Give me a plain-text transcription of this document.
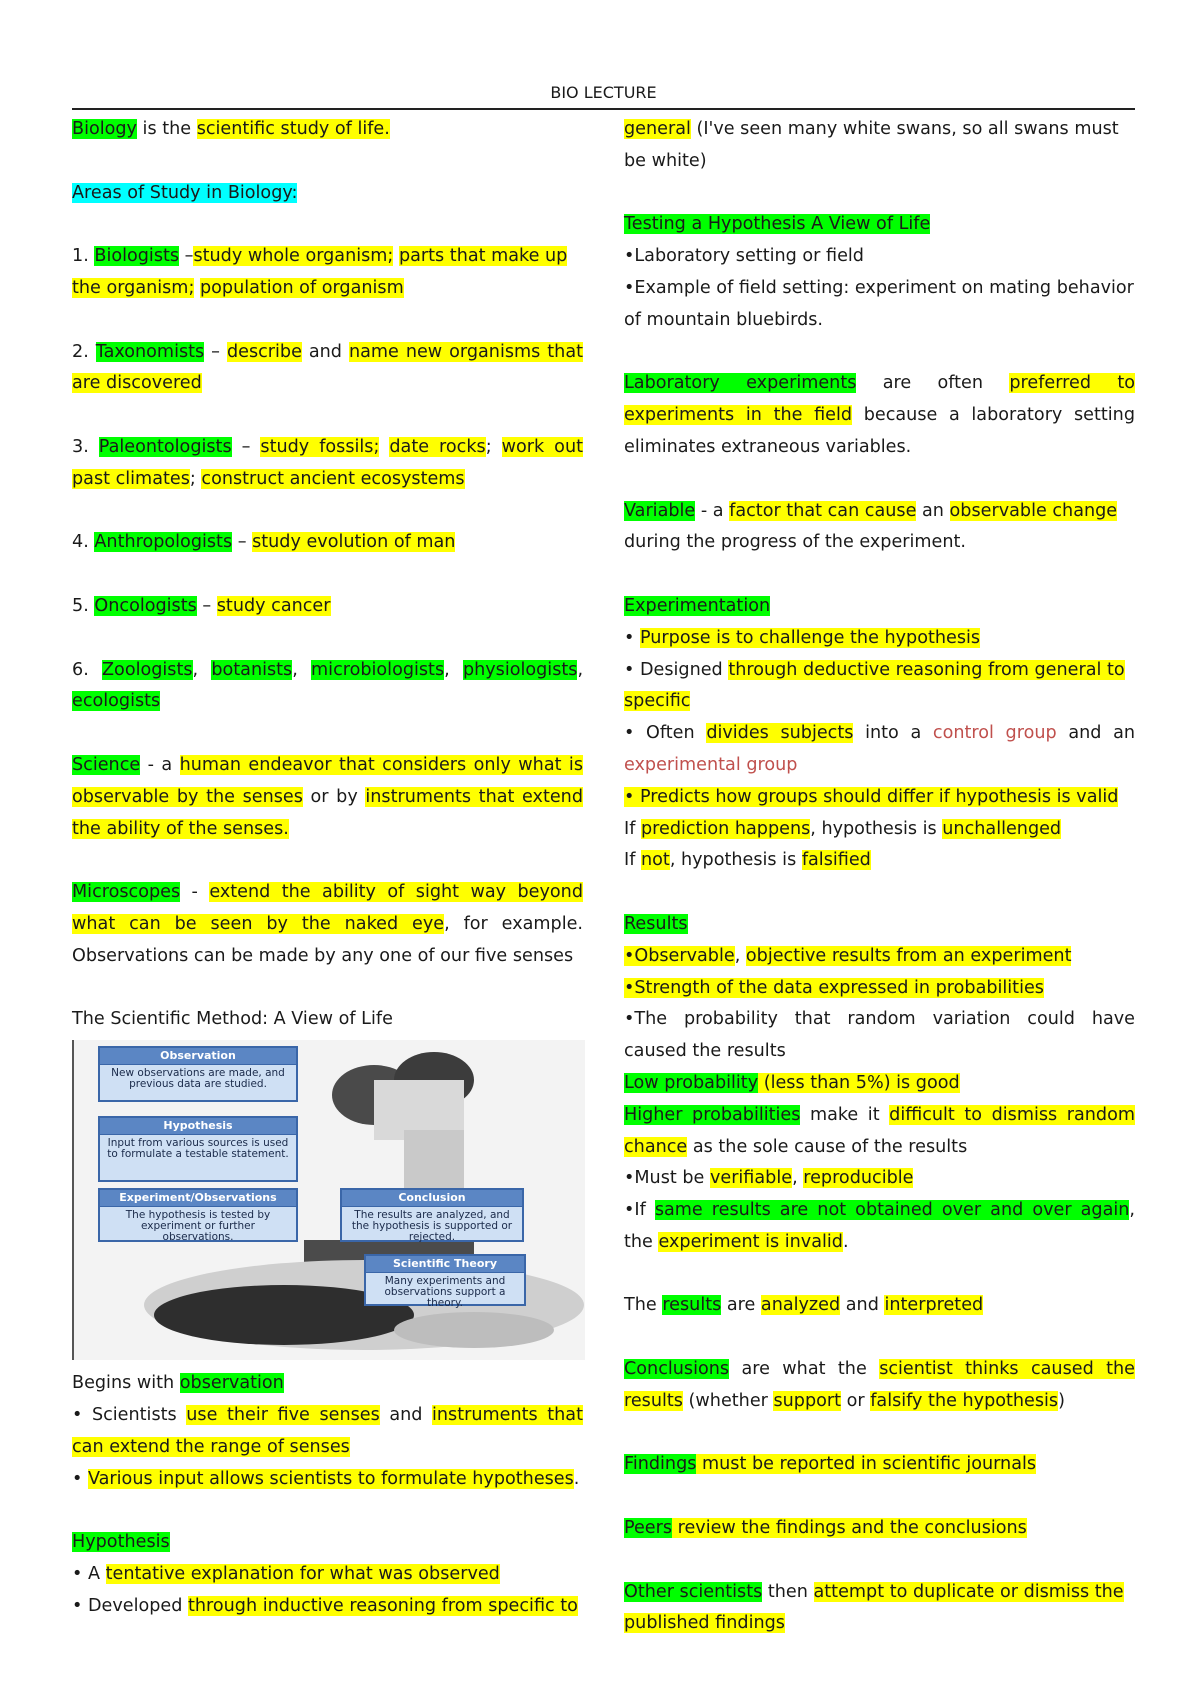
BIO LECTURE

Biology is the scientific study of life.

Areas of Study in Biology:

1. Biologists –study whole organism; parts that make up the organism; population of organism

2. Taxonomists – describe and name new organisms that are discovered

3. Paleontologists – study fossils; date rocks; work out past climates; construct ancient ecosystems

4. Anthropologists – study evolution of man

5. Oncologists – study cancer

6. Zoologists, botanists, microbiologists, physiologists, ecologists

Science - a human endeavor that considers only what is observable by the senses or by instruments that extend the ability of the senses.

Microscopes - extend the ability of sight way beyond what can be seen by the naked eye, for example. Observations can be made by any one of our five senses

The Scientific Method: A View of Life

Observation
New observations are made, and previous data are studied.
Hypothesis
Input from various sources is used to formulate a testable statement.
Experiment/Observations
The hypothesis is tested by experiment or further observations.
Conclusion
The results are analyzed, and the hypothesis is supported or rejected.
Scientific Theory
Many experiments and observations support a theory.

Begins with observation

• Scientists use their five senses and instruments that can extend the range of senses

• Various input allows scientists to formulate hypotheses.

Hypothesis

• A tentative explanation for what was observed

• Developed through inductive reasoning from specific to

general (I've seen many white swans, so all swans must be white)

Testing a Hypothesis A View of Life

•Laboratory setting or field

•Example of field setting: experiment on mating behavior of mountain bluebirds.

Laboratory experiments are often preferred to experiments in the field because a laboratory setting eliminates extraneous variables.

Variable - a factor that can cause an observable change during the progress of the experiment.

Experimentation

• Purpose is to challenge the hypothesis

• Designed through deductive reasoning from general to specific

• Often divides subjects into a control group and an experimental group

• Predicts how groups should differ if hypothesis is valid

If prediction happens, hypothesis is unchallenged

If not, hypothesis is falsified

Results

•Observable, objective results from an experiment

•Strength of the data expressed in probabilities

•The probability that random variation could have caused the results

Low probability (less than 5%) is good

Higher probabilities make it difficult to dismiss random chance as the sole cause of the results

•Must be verifiable, reproducible

•If same results are not obtained over and over again, the experiment is invalid.

The results are analyzed and interpreted

Conclusions are what the scientist thinks caused the results (whether support or falsify the hypothesis)

Findings must be reported in scientific journals

Peers review the findings and the conclusions

Other scientists then attempt to duplicate or dismiss the published findings
